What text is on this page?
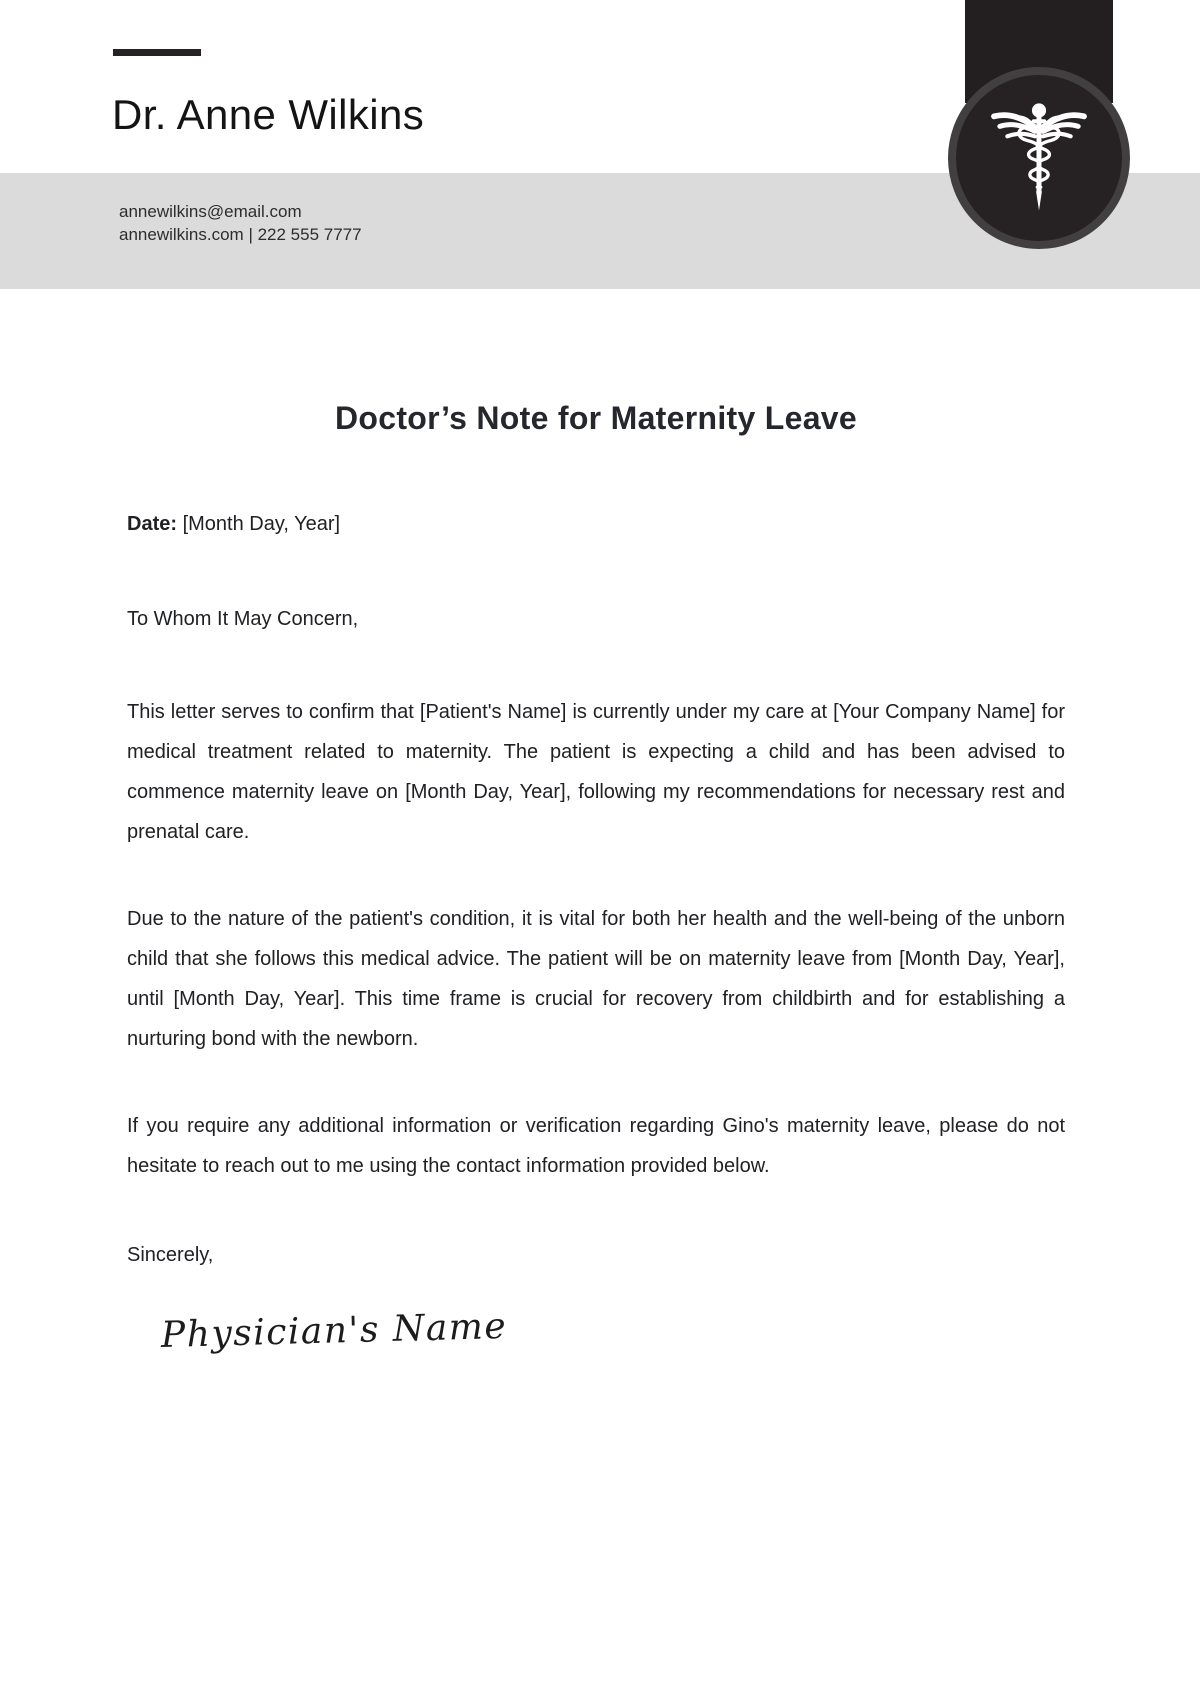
Dr. Anne Wilkins
annewilkins@email.com
annewilkins.com | 222 555 7777
Doctor’s Note for Maternity Leave

Date: [Month Day, Year]

To Whom It May Concern,

This letter serves to confirm that [Patient's Name] is currently under my care at [Your Company Name] for medical treatment related to maternity. The patient is expecting a child and has been advised to commence maternity leave on [Month Day, Year], following my recommendations for necessary rest and prenatal care.

Due to the nature of the patient's condition, it is vital for both her health and the well-being of the unborn child that she follows this medical advice. The patient will be on maternity leave from [Month Day, Year], until [Month Day, Year]. This time frame is crucial for recovery from childbirth and for establishing a nurturing bond with the newborn.

If you require any additional information or verification regarding Gino's maternity leave, please do not hesitate to reach out to me using the contact information provided below.

Sincerely,

Physician's Name
